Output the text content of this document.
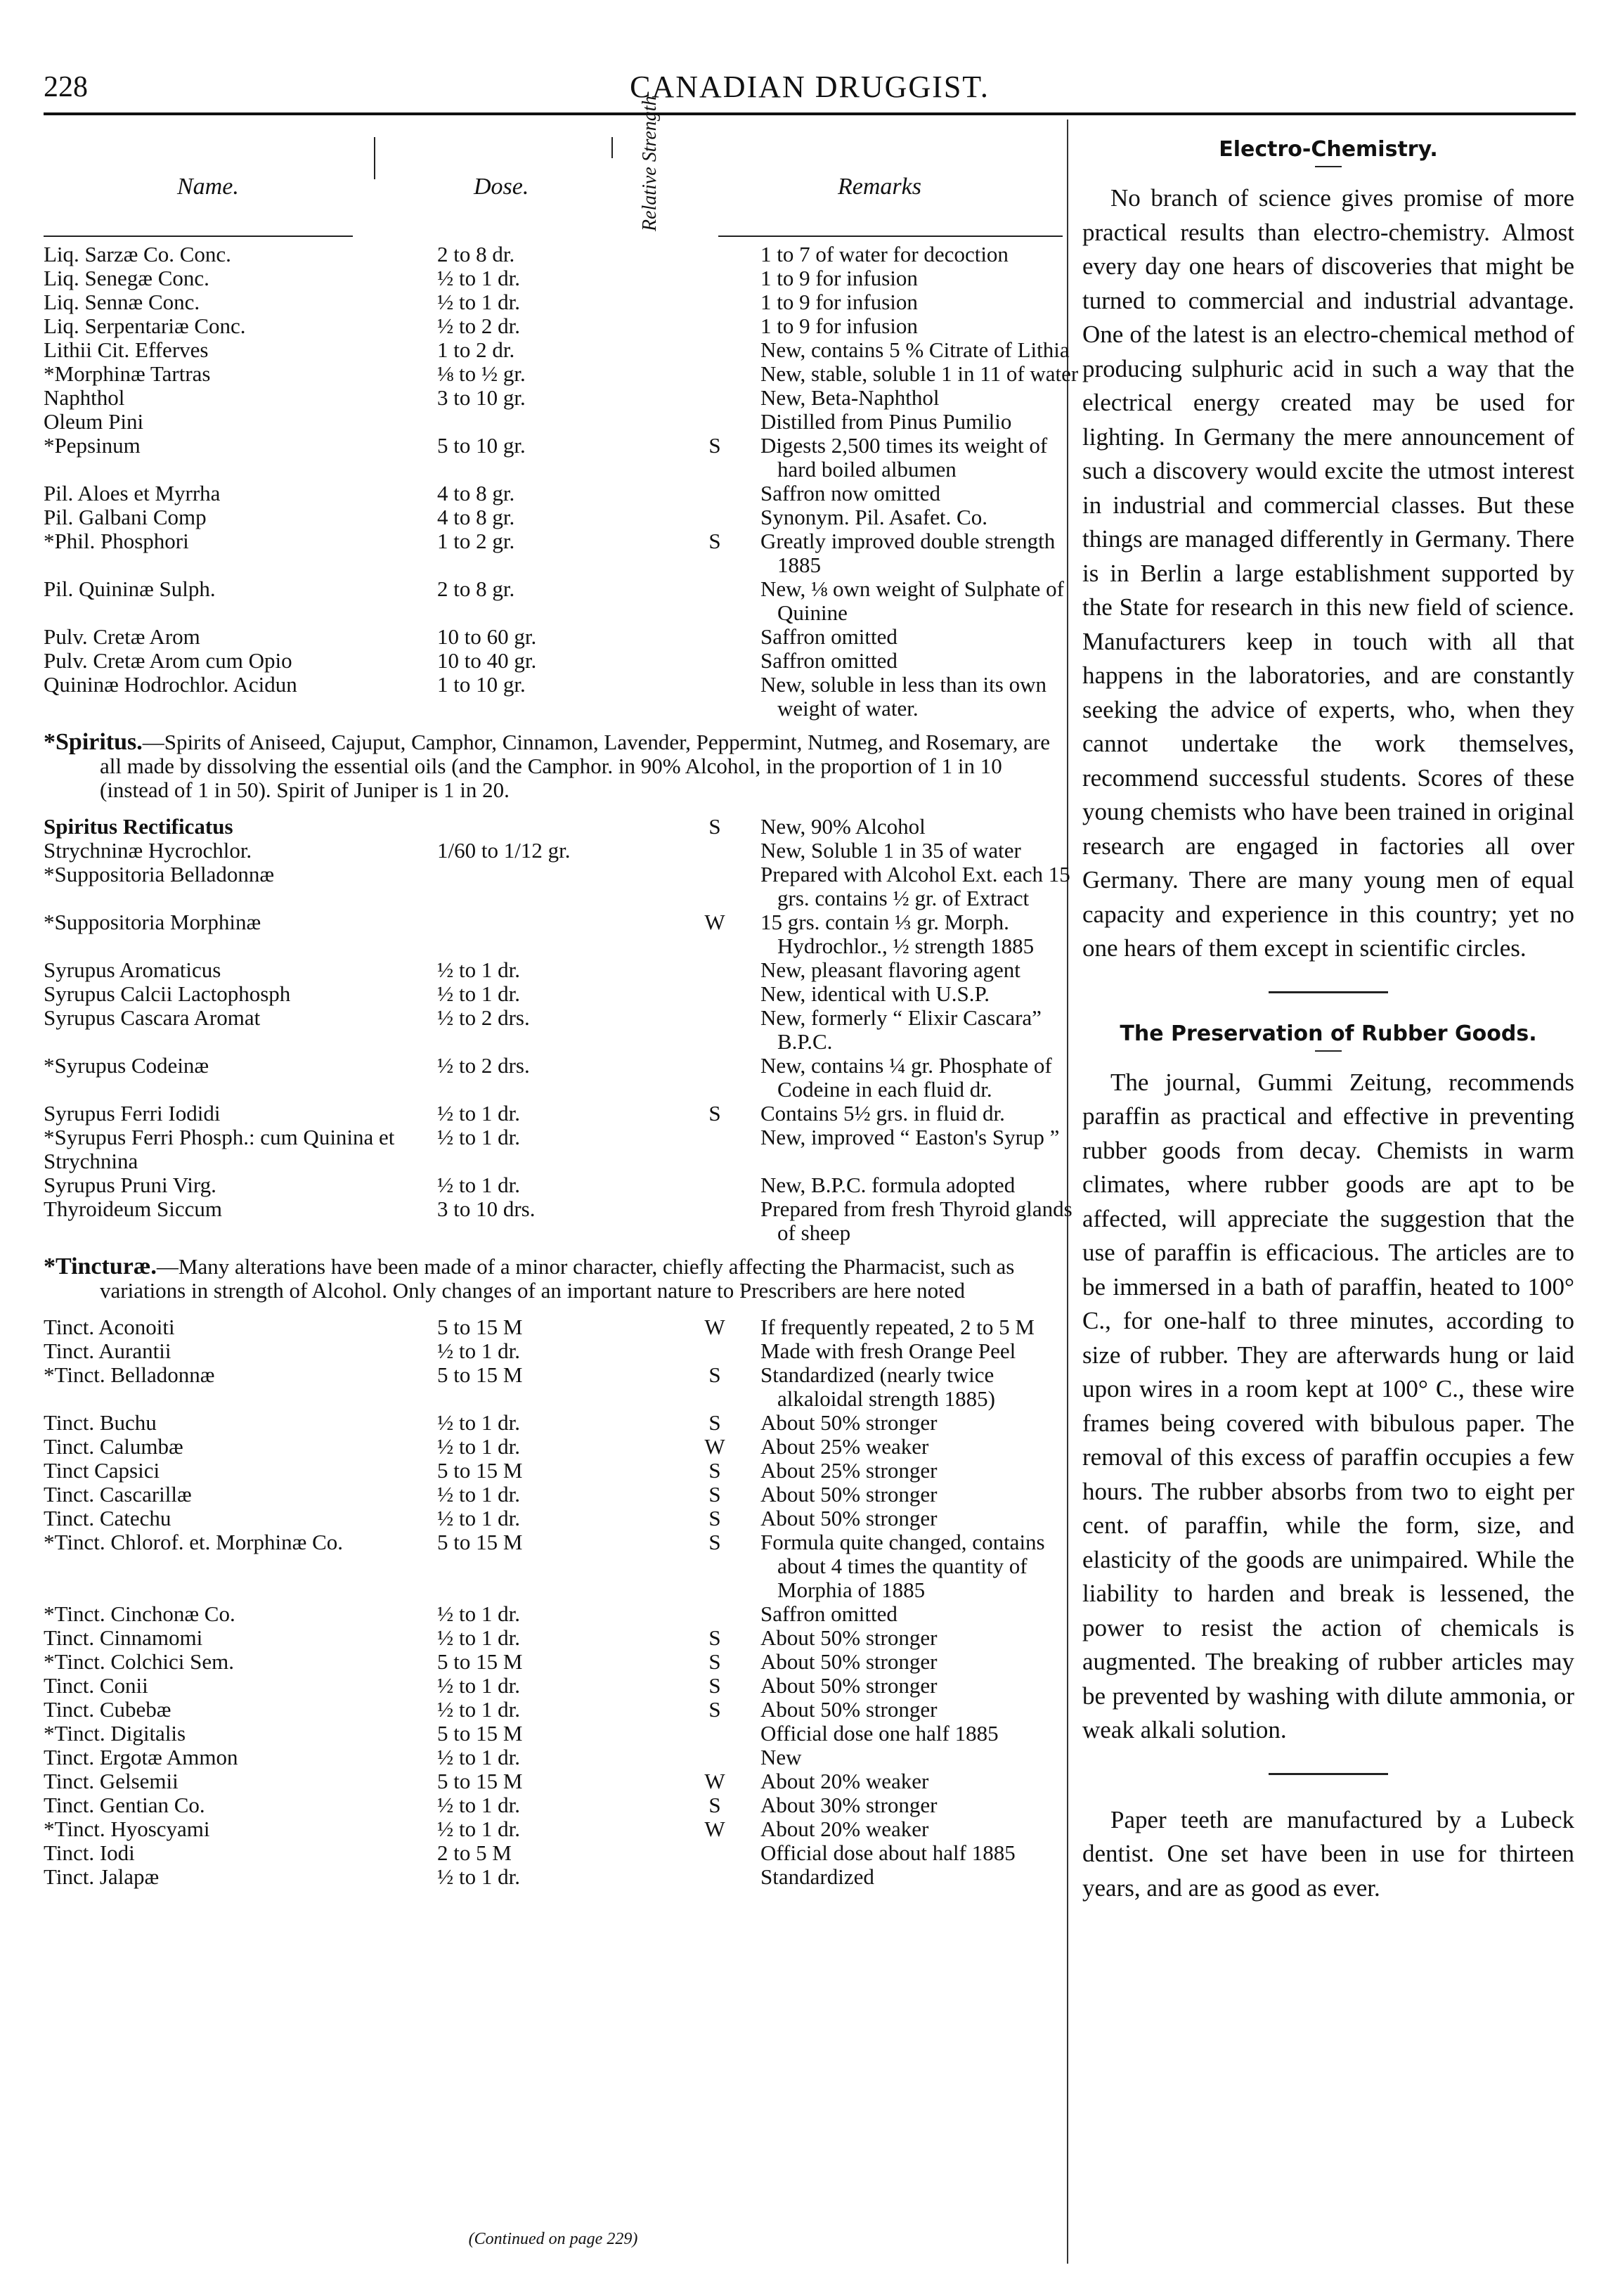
228	CANADIAN DRUGGIST.
Name.	Dose.	Relative Strength	Remarks
Liq. Sarzæ Co. Conc.	2 to 8 dr.		1 to 7 of water for decoction
Liq. Senegæ Conc.	½ to 1 dr.		1 to 9 for infusion
Liq. Sennæ Conc.	½ to 1 dr.		1 to 9 for infusion
Liq. Serpentariæ Conc.	½ to 2 dr.		1 to 9 for infusion
Lithii Cit. Efferves	1 to 2 dr.		New, contains 5 % Citrate of Lithia
*Morphinæ Tartras	⅛ to ½ gr.		New, stable, soluble 1 in 11 of water
Naphthol	3 to 10 gr.		New, Beta-Naphthol
Oleum Pini			Distilled from Pinus Pumilio
*Pepsinum	5 to 10 gr.	S	Digests 2,500 times its weight of hard boiled albumen
Pil. Aloes et Myrrha	4 to 8 gr.		Saffron now omitted
Pil. Galbani Comp	4 to 8 gr.		Synonym. Pil. Asafet. Co.
*Phil. Phosphori	1 to 2 gr.	S	Greatly improved double strength 1885
Pil. Quininæ Sulph.	2 to 8 gr.		New, ⅛ own weight of Sulphate of Quinine
Pulv. Cretæ Arom	10 to 60 gr.		Saffron omitted
Pulv. Cretæ Arom cum Opio	10 to 40 gr.		Saffron omitted
Quininæ Hodrochlor. Acidun	1 to 10 gr.		New, soluble in less than its own weight of water.
*Spiritus.—Spirits of Aniseed, Cajuput, Camphor, Cinnamon, Lavender, Peppermint, Nutmeg, and Rosemary, are all made by dissolving the essential oils (and the Camphor. in 90% Alcohol, in the proportion of 1 in 10 (instead of 1 in 50). Spirit of Juniper is 1 in 20.
Spiritus Rectificatus		S	New, 90% Alcohol
Strychninæ Hycrochlor.	1/60 to 1/12 gr.		New, Soluble 1 in 35 of water
*Suppositoria Belladonnæ			Prepared with Alcohol Ext. each 15 grs. contains ½ gr. of Extract
*Suppositoria Morphinæ		W	15 grs. contain ⅓ gr. Morph. Hydrochlor., ½ strength 1885
Syrupus Aromaticus	½ to 1 dr.		New, pleasant flavoring agent
Syrupus Calcii Lactophosph	½ to 1 dr.		New, identical with U.S.P.
Syrupus Cascara Aromat	½ to 2 drs.		New, formerly “ Elixir Cascara” B.P.C.
*Syrupus Codeinæ	½ to 2 drs.		New, contains ¼ gr. Phosphate of Codeine in each fluid dr.
Syrupus Ferri Iodidi	½ to 1 dr.	S	Contains 5½ grs. in fluid dr.
*Syrupus Ferri Phosph.: cum Quinina et Strychnina	½ to 1 dr.		New, improved “ Easton's Syrup ”
Syrupus Pruni Virg.	½ to 1 dr.		New, B.P.C. formula adopted
Thyroideum Siccum	3 to 10 drs.		Prepared from fresh Thyroid glands of sheep
*Tincturæ.—Many alterations have been made of a minor character, chiefly affecting the Pharmacist, such as variations in strength of Alcohol. Only changes of an important nature to Prescribers are here noted
Tinct. Aconoiti	5 to 15 M	W	If frequently repeated, 2 to 5 M
Tinct. Aurantii	½ to 1 dr.		Made with fresh Orange Peel
*Tinct. Belladonnæ	5 to 15 M	S	Standardized (nearly twice alkaloidal strength 1885)
Tinct. Buchu	½ to 1 dr.	S	About 50% stronger
Tinct. Calumbæ	½ to 1 dr.	W	About 25% weaker
Tinct Capsici	5 to 15 M	S	About 25% stronger
Tinct. Cascarillæ	½ to 1 dr.	S	About 50% stronger
Tinct. Catechu	½ to 1 dr.	S	About 50% stronger
*Tinct. Chlorof. et. Morphinæ Co.	5 to 15 M	S	Formula quite changed, contains about 4 times the quantity of Morphia of 1885
*Tinct. Cinchonæ Co.	½ to 1 dr.		Saffron omitted
Tinct. Cinnamomi	½ to 1 dr.	S	About 50% stronger
*Tinct. Colchici Sem.	5 to 15 M	S	About 50% stronger
Tinct. Conii	½ to 1 dr.	S	About 50% stronger
Tinct. Cubebæ	½ to 1 dr.	S	About 50% stronger
*Tinct. Digitalis	5 to 15 M		Official dose one half 1885
Tinct. Ergotæ Ammon	½ to 1 dr.		New
Tinct. Gelsemii	5 to 15 M	W	About 20% weaker
Tinct. Gentian Co.	½ to 1 dr.	S	About 30% stronger
*Tinct. Hyoscyami	½ to 1 dr.	W	About 20% weaker
Tinct. Iodi	2 to 5 M		Official dose about half 1885
Tinct. Jalapæ	½ to 1 dr.		Standardized
(Continued on page 229)
Electro-Chemistry.

No branch of science gives promise of more practical results than electro-chemistry. Almost every day one hears of discoveries that might be turned to commercial and industrial advantage. One of the latest is an electro-chemical method of producing sulphuric acid in such a way that the electrical energy created may be used for lighting. In Germany the mere announcement of such a discovery would excite the utmost interest in industrial and commercial classes. But these things are managed differently in Germany. There is in Berlin a large establishment supported by the State for research in this new field of science. Manufacturers keep in touch with all that happens in the laboratories, and are constantly seeking the advice of experts, who, when they cannot undertake the work themselves, recommend successful students. Scores of these young chemists who have been trained in original research are engaged in factories all over Germany. There are many young men of equal capacity and experience in this country; yet no one hears of them except in scientific circles.

The Preservation of Rubber Goods.

The journal, Gummi Zeitung, recommends paraffin as practical and effective in preventing rubber goods from decay. Chemists in warm climates, where rubber goods are apt to be affected, will appreciate the suggestion that the use of paraffin is efficacious. The articles are to be immersed in a bath of paraffin, heated to 100° C., for one-half to three minutes, according to size of rubber. They are afterwards hung or laid upon wires in a room kept at 100° C., these wire frames being covered with bibulous paper. The removal of this excess of paraffin occupies a few hours. The rubber absorbs from two to eight per cent. of paraffin, while the form, size, and elasticity of the goods are unimpaired. While the liability to harden and break is lessened, the power to resist the action of chemicals is augmented. The breaking of rubber articles may be prevented by washing with dilute ammonia, or weak alkali solution.

Paper teeth are manufactured by a Lubeck dentist. One set have been in use for thirteen years, and are as good as ever.
